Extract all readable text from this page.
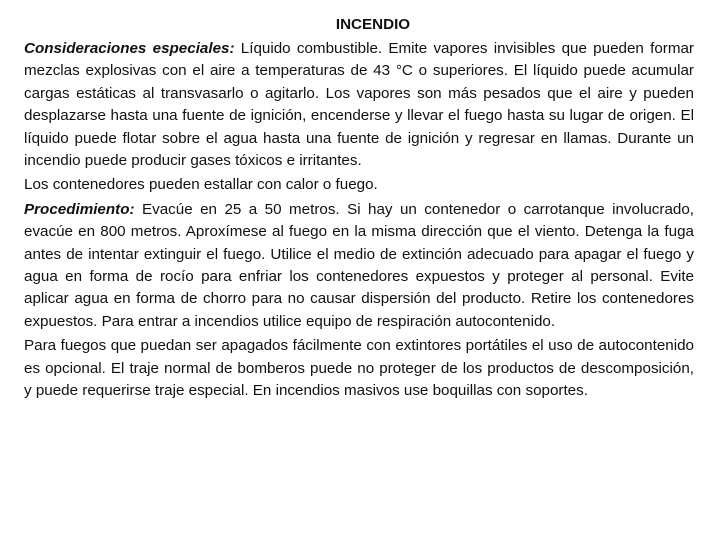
INCENDIO

Consideraciones especiales: Líquido combustible. Emite vapores invisibles que pueden formar mezclas explosivas con el aire a temperaturas de 43 °C o superiores. El líquido puede acumular cargas estáticas al transvasarlo o agitarlo. Los vapores son más pesados que el aire y pueden desplazarse hasta una fuente de ignición, encenderse y llevar el fuego hasta su lugar de origen. El líquido puede flotar sobre el agua hasta una fuente de ignición y regresar en llamas. Durante un incendio puede producir gases tóxicos e irritantes.

Los contenedores pueden estallar con calor o fuego.

Procedimiento: Evacúe en 25 a 50 metros. Si hay un contenedor o carrotanque involucrado, evacúe en 800 metros. Aproxímese al fuego en la misma dirección que el viento. Detenga la fuga antes de intentar extinguir el fuego. Utilice el medio de extinción adecuado para apagar el fuego y agua en forma de rocío para enfriar los contenedores expuestos y proteger al personal. Evite aplicar agua en forma de chorro para no causar dispersión del producto. Retire los contenedores expuestos. Para entrar a incendios utilice equipo de respiración autocontenido.

Para fuegos que puedan ser apagados fácilmente con extintores portátiles el uso de autocontenido es opcional. El traje normal de bomberos puede no proteger de los productos de descomposición, y puede requerirse traje especial. En incendios masivos use boquillas con soportes.
